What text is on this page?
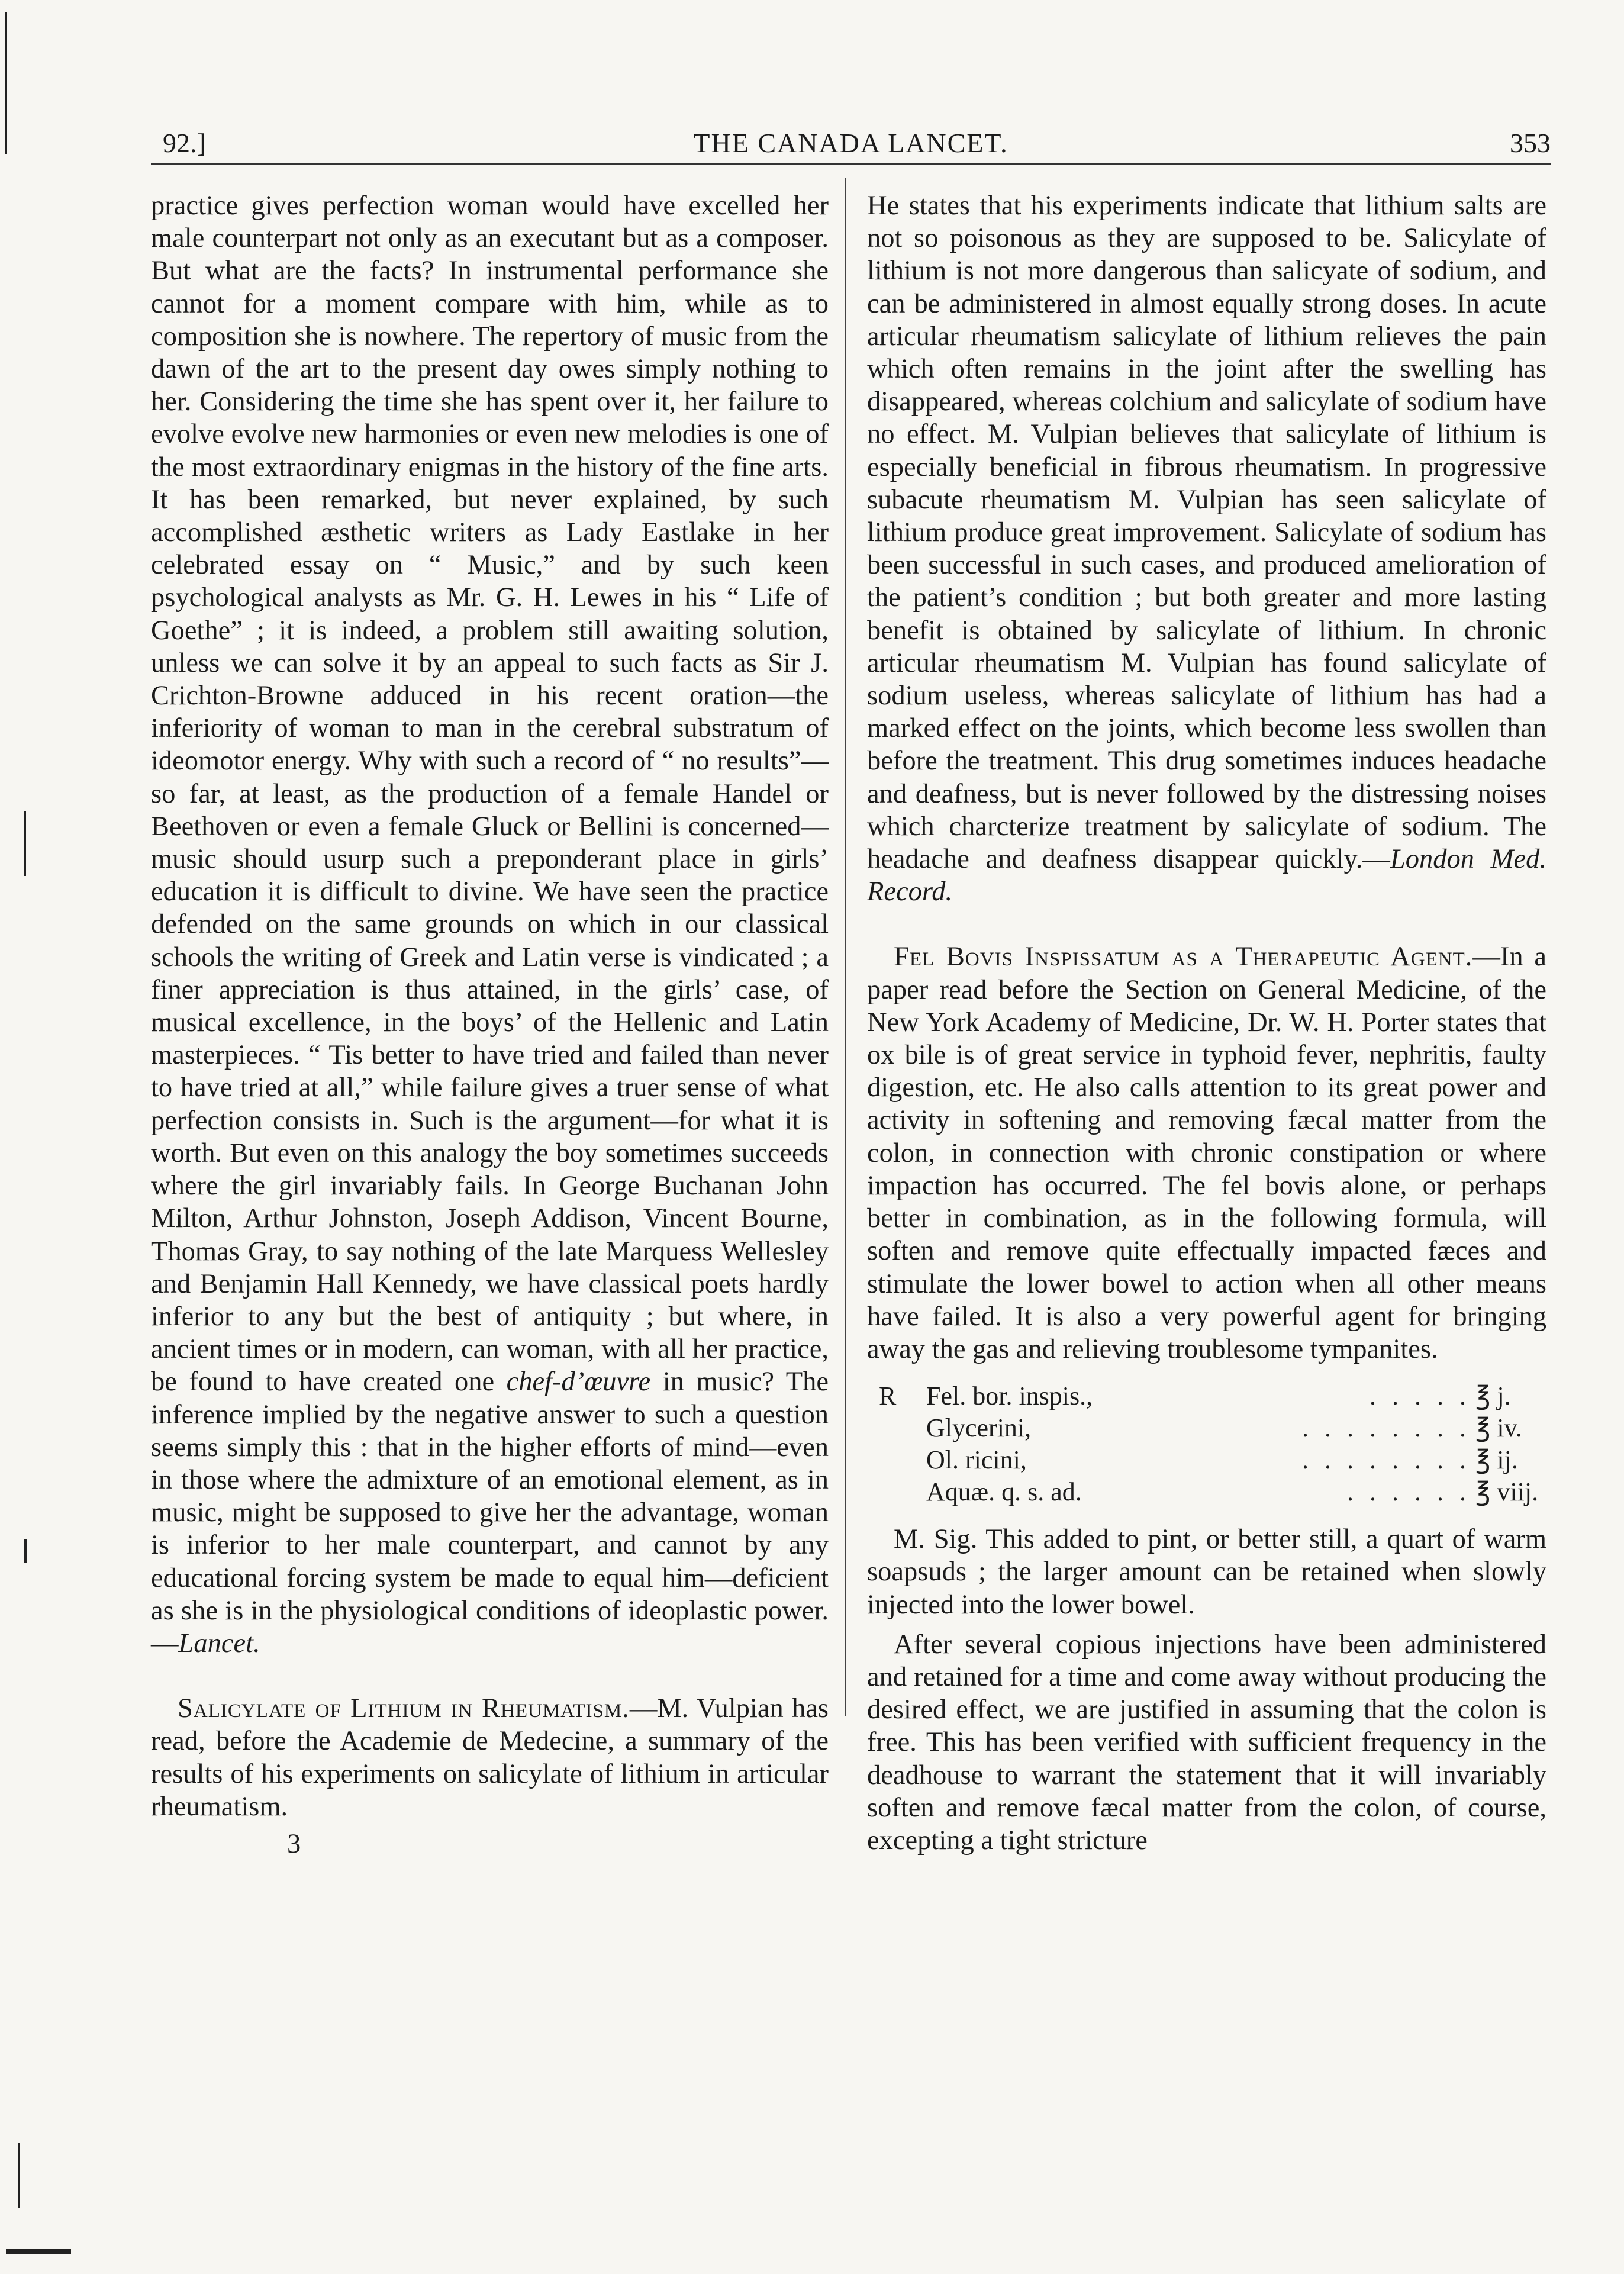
92.]	THE CANADA LANCET.	353

practice gives perfection woman would have excelled her male counterpart not only as an executant but as a composer. But what are the facts? In instrumental performance she cannot for a moment compare with him, while as to composition she is nowhere. The repertory of music from the dawn of the art to the present day owes simply nothing to her. Considering the time she has spent over it, her failure to evolve evolve new harmonies or even new melodies is one of the most extraordinary enigmas in the history of the fine arts. It has been remarked, but never explained, by such accomplished æsthetic writers as Lady Eastlake in her celebrated essay on “ Music,” and by such keen psychological analysts as Mr. G. H. Lewes in his “ Life of Goethe” ; it is indeed, a problem still awaiting solution, unless we can solve it by an appeal to such facts as Sir J. Crichton-Browne adduced in his recent oration—the inferiority of woman to man in the cerebral substratum of ideomotor energy. Why with such a record of “ no results”—so far, at least, as the production of a female Handel or Beethoven or even a female Gluck or Bellini is concerned—music should usurp such a preponderant place in girls’ education it is difficult to divine. We have seen the practice defended on the same grounds on which in our classical schools the writing of Greek and Latin verse is vindicated ; a finer appreciation is thus attained, in the girls’ case, of musical excellence, in the boys’ of the Hellenic and Latin masterpieces. “ Tis better to have tried and failed than never to have tried at all,” while failure gives a truer sense of what perfection consists in. Such is the argument—for what it is worth. But even on this analogy the boy sometimes succeeds where the girl invariably fails. In George Buchanan John Milton, Arthur Johnston, Joseph Addison, Vincent Bourne, Thomas Gray, to say nothing of the late Marquess Wellesley and Benjamin Hall Kennedy, we have classical poets hardly inferior to any but the best of antiquity ; but where, in ancient times or in modern, can woman, with all her practice, be found to have created one chef-d’œuvre in music? The inference implied by the negative answer to such a question seems simply this : that in the higher efforts of mind—even in those where the admixture of an emotional element, as in music, might be supposed to give her the advantage, woman is inferior to her male counterpart, and cannot by any educational forcing system be made to equal him—deficient as she is in the physiological conditions of ideoplastic power.—Lancet.

Salicylate of Lithium in Rheumatism.—M. Vulpian has read, before the Academie de Medecine, a summary of the results of his experiments on salicylate of lithium in articular rheumatism.

3

He states that his experiments indicate that lithium salts are not so poisonous as they are supposed to be. Salicylate of lithium is not more dangerous than salicyate of sodium, and can be administered in almost equally strong doses. In acute articular rheumatism salicylate of lithium relieves the pain which often remains in the joint after the swelling has disappeared, whereas colchium and salicylate of sodium have no effect. M. Vulpian believes that salicylate of lithium is especially beneficial in fibrous rheumatism. In progressive subacute rheumatism M. Vulpian has seen salicylate of lithium produce great improvement. Salicylate of sodium has been successful in such cases, and produced amelioration of the patient’s condition ; but both greater and more lasting benefit is obtained by salicylate of lithium. In chronic articular rheumatism M. Vulpian has found salicylate of sodium useless, whereas salicylate of lithium has had a marked effect on the joints, which become less swollen than before the treatment. This drug sometimes induces headache and deafness, but is never followed by the distressing noises which charcterize treatment by salicylate of sodium. The headache and deafness disappear quickly.—London Med. Record.

Fel Bovis Inspissatum as a Therapeutic Agent.—In a paper read before the Section on General Medicine, of the New York Academy of Medicine, Dr. W. H. Porter states that ox bile is of great service in typhoid fever, nephritis, faulty digestion, etc. He also calls attention to its great power and activity in softening and removing fæcal matter from the colon, in connection with chronic constipation or where impaction has occurred. The fel bovis alone, or perhaps better in combination, as in the following formula, will soften and remove quite effectually impacted fæces and stimulate the lower bowel to action when all other means have failed. It is also a very powerful agent for bringing away the gas and relieving troublesome tympanites.

R	Fel. bor. inspis.,	. . . . . ℥ j.
Glycerini,	. . . . . . . . ℥ iv.
Ol. ricini,	. . . . . . . . ℥ ij.
Aquæ. q. s. ad.	. . . . . . ℥ viij.

M. Sig. This added to pint, or better still, a quart of warm soapsuds ; the larger amount can be retained when slowly injected into the lower bowel.

After several copious injections have been administered and retained for a time and come away without producing the desired effect, we are justified in assuming that the colon is free. This has been verified with sufficient frequency in the deadhouse to warrant the statement that it will invariably soften and remove fæcal matter from the colon, of course, excepting a tight stricture
